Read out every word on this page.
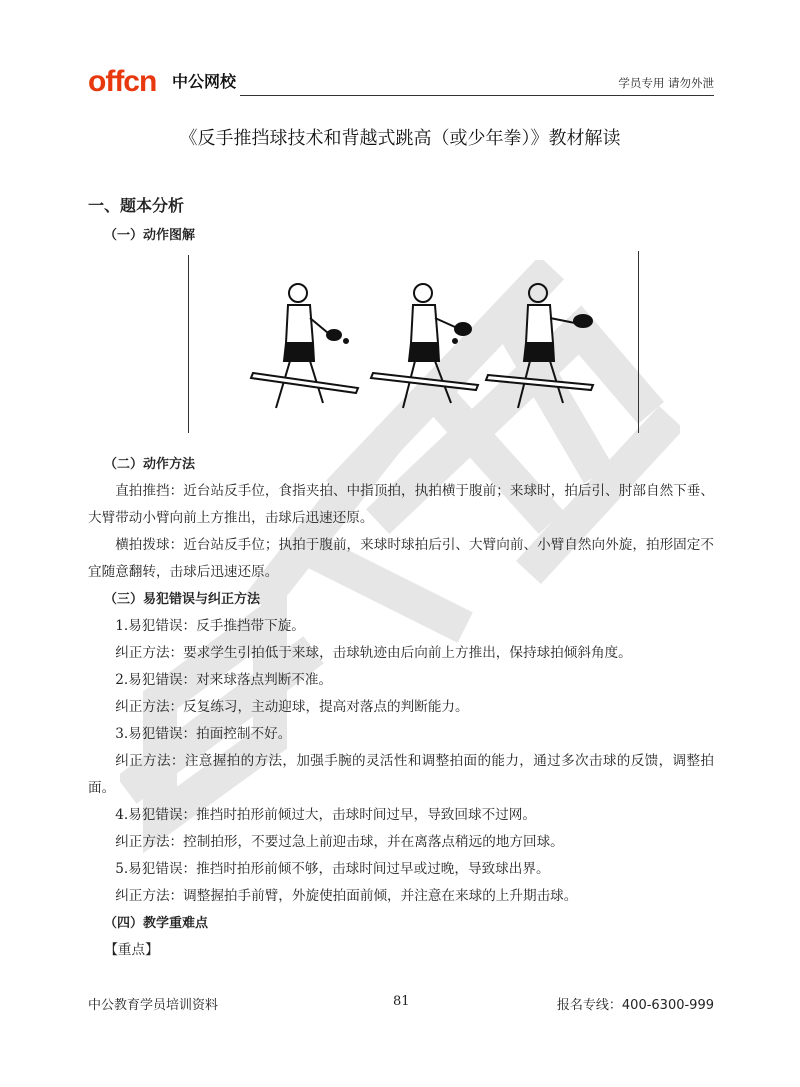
offcn 中公网校	学员专用 请勿外泄
《反手推挡球技术和背越式跳高（或少年拳）》教材解读
一、题本分析
（一）动作图解
（二）动作方法

直拍推挡：近台站反手位，食指夹拍、中指顶拍，执拍横于腹前；来球时，拍后引、肘部自然下垂、大臂带动小臂向前上方推出，击球后迅速还原。

横拍拨球：近台站反手位；执拍于腹前，来球时球拍后引、大臂向前、小臂自然向外旋，拍形固定不宜随意翻转，击球后迅速还原。

（三）易犯错误与纠正方法

1.易犯错误：反手推挡带下旋。

纠正方法：要求学生引拍低于来球，击球轨迹由后向前上方推出，保持球拍倾斜角度。

2.易犯错误：对来球落点判断不准。

纠正方法：反复练习，主动迎球，提高对落点的判断能力。

3.易犯错误：拍面控制不好。

纠正方法：注意握拍的方法，加强手腕的灵活性和调整拍面的能力，通过多次击球的反馈，调整拍面。

4.易犯错误：推挡时拍形前倾过大，击球时间过早，导致回球不过网。

纠正方法：控制拍形，不要过急上前迎击球，并在离落点稍远的地方回球。

5.易犯错误：推挡时拍形前倾不够，击球时间过早或过晚，导致球出界。

纠正方法：调整握拍手前臂，外旋使拍面前倾，并注意在来球的上升期击球。

（四）教学重难点

【重点】

中公教育学员培训资料	81	报名专线：400-6300-999
